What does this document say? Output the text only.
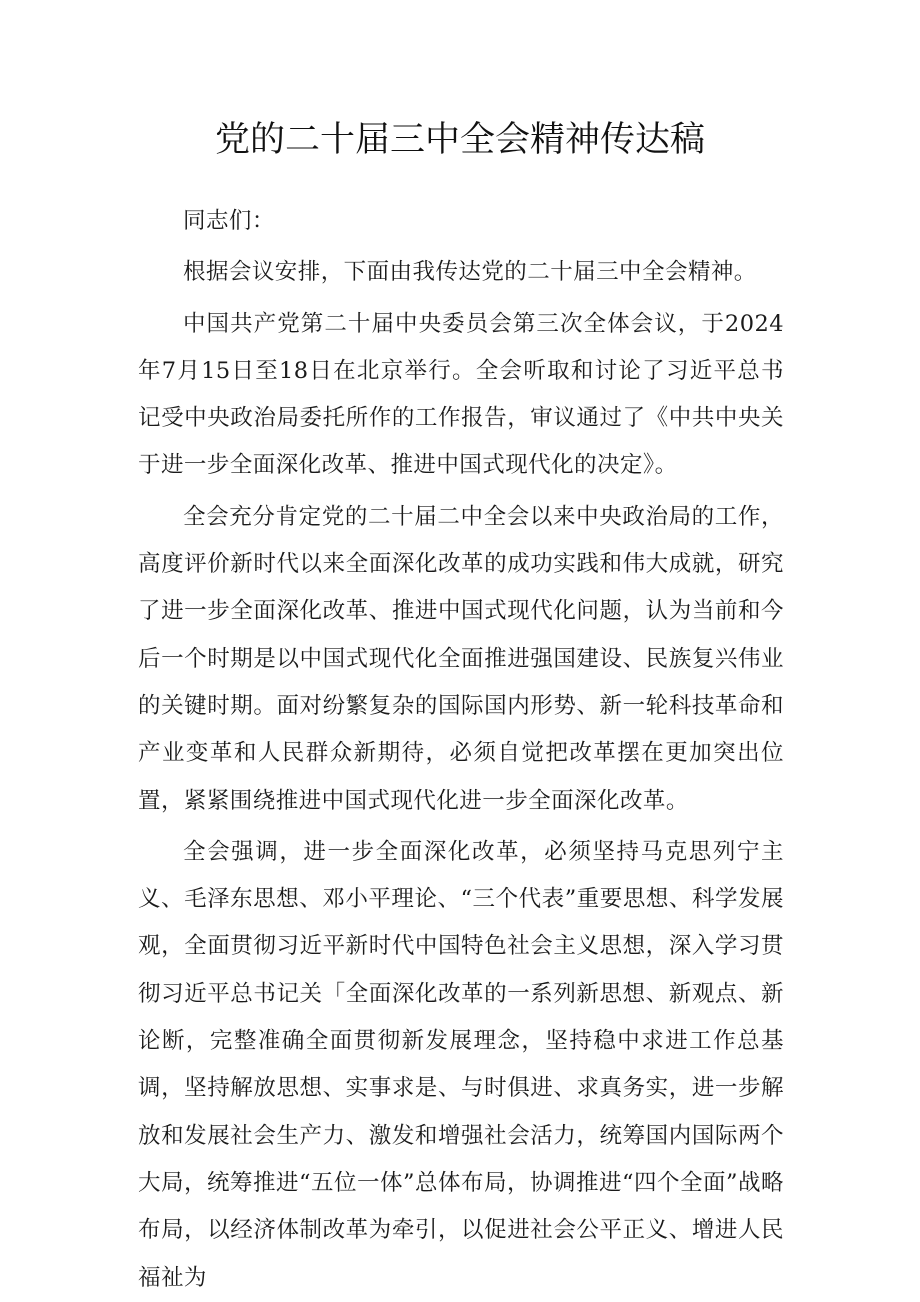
党的二十届三中全会精神传达稿

同志们：

根据会议安排，下面由我传达党的二十届三中全会精神。

中国共产党第二十届中央委员会第三次全体会议，于2024年7月15日至18日在北京举行。全会听取和讨论了习近平总书记受中央政治局委托所作的工作报告，审议通过了《中共中央关于进一步全面深化改革、推进中国式现代化的决定》。

全会充分肯定党的二十届二中全会以来中央政治局的工作，高度评价新时代以来全面深化改革的成功实践和伟大成就，研究了进一步全面深化改革、推进中国式现代化问题，认为当前和今后一个时期是以中国式现代化全面推进强国建设、民族复兴伟业的关键时期。面对纷繁复杂的国际国内形势、新一轮科技革命和产业变革和人民群众新期待，必须自觉把改革摆在更加突出位置，紧紧围绕推进中国式现代化进一步全面深化改革。

全会强调，进一步全面深化改革，必须坚持马克思列宁主义、毛泽东思想、邓小平理论、“三个代表”重要思想、科学发展观，全面贯彻习近平新时代中国特色社会主义思想，深入学习贯彻习近平总书记关「全面深化改革的一系列新思想、新观点、新论断，完整准确全面贯彻新发展理念，坚持稳中求进工作总基调，坚持解放思想、实事求是、与时俱进、求真务实，进一步解放和发展社会生产力、激发和增强社会活力，统筹国内国际两个大局，统筹推进“五位一体”总体布局，协调推进“四个全面”战略布局，以经济体制改革为牵引，以促进社会公平正义、增进人民福祉为
